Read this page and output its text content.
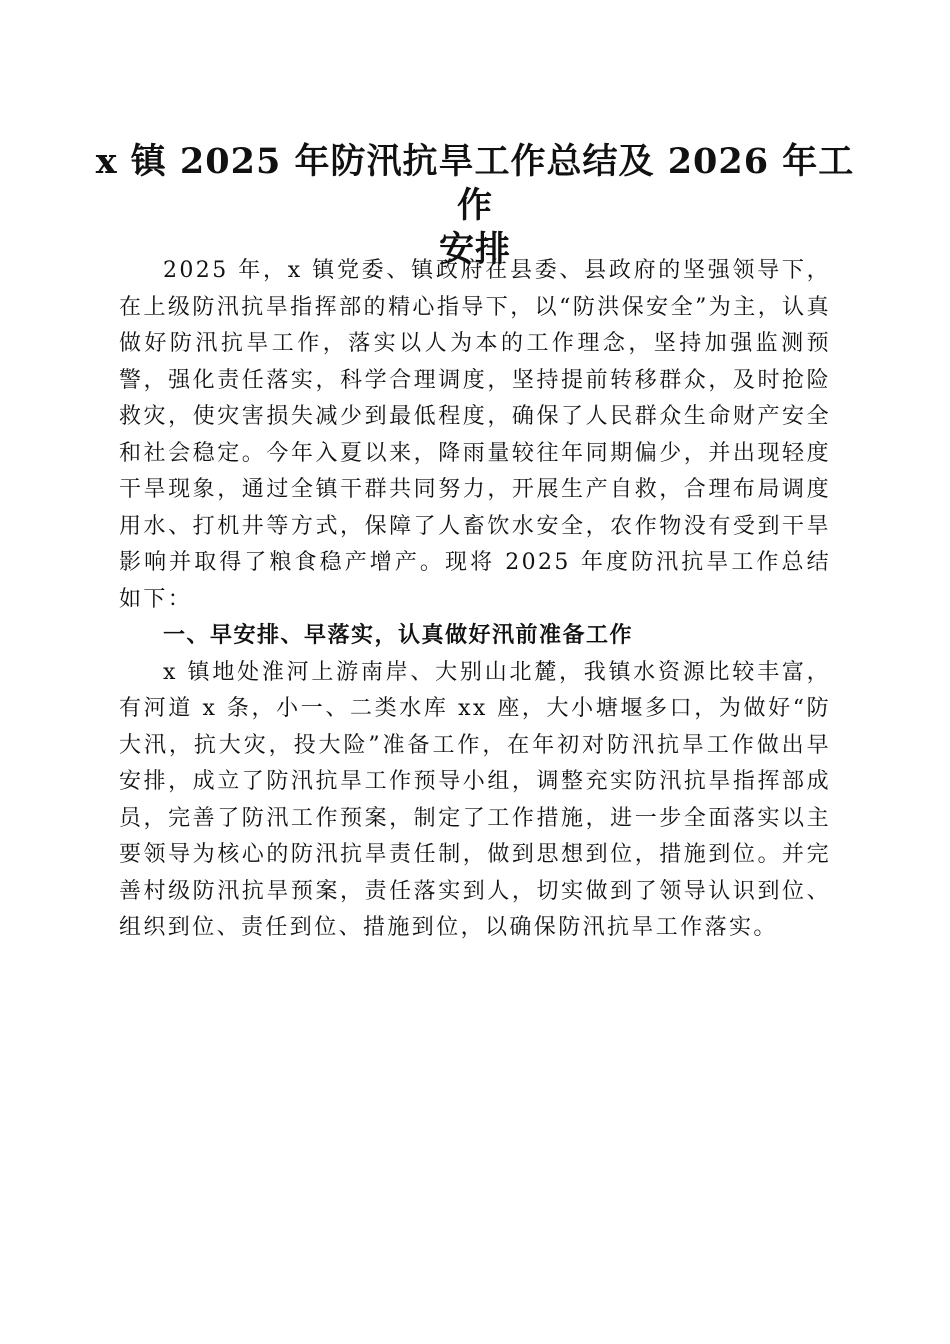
x 镇 2025 年防汛抗旱工作总结及 2026 年工作
安排

2025 年，x 镇党委、镇政府在县委、县政府的坚强领导下，在上级防汛抗旱指挥部的精心指导下，以“防洪保安全”为主，认真做好防汛抗旱工作，落实以人为本的工作理念，坚持加强监测预警，强化责任落实，科学合理调度，坚持提前转移群众，及时抢险救灾，使灾害损失减少到最低程度，确保了人民群众生命财产安全和社会稳定。今年入夏以来，降雨量较往年同期偏少，并出现轻度干旱现象，通过全镇干群共同努力，开展生产自救，合理布局调度用水、打机井等方式，保障了人畜饮水安全，农作物没有受到干旱影响并取得了粮食稳产增产。现将 2025 年度防汛抗旱工作总结如下：

一、早安排、早落实，认真做好汛前准备工作

x 镇地处淮河上游南岸、大别山北麓，我镇水资源比较丰富，有河道 x 条，小一、二类水库 xx 座，大小塘堰多口，为做好“防大汛，抗大灾，投大险”准备工作，在年初对防汛抗旱工作做出早安排，成立了防汛抗旱工作预导小组，调整充实防汛抗旱指挥部成员，完善了防汛工作预案，制定了工作措施，进一步全面落实以主要领导为核心的防汛抗旱责任制，做到思想到位，措施到位。并完善村级防汛抗旱预案，责任落实到人，切实做到了领导认识到位、组织到位、责任到位、措施到位，以确保防汛抗旱工作落实。
